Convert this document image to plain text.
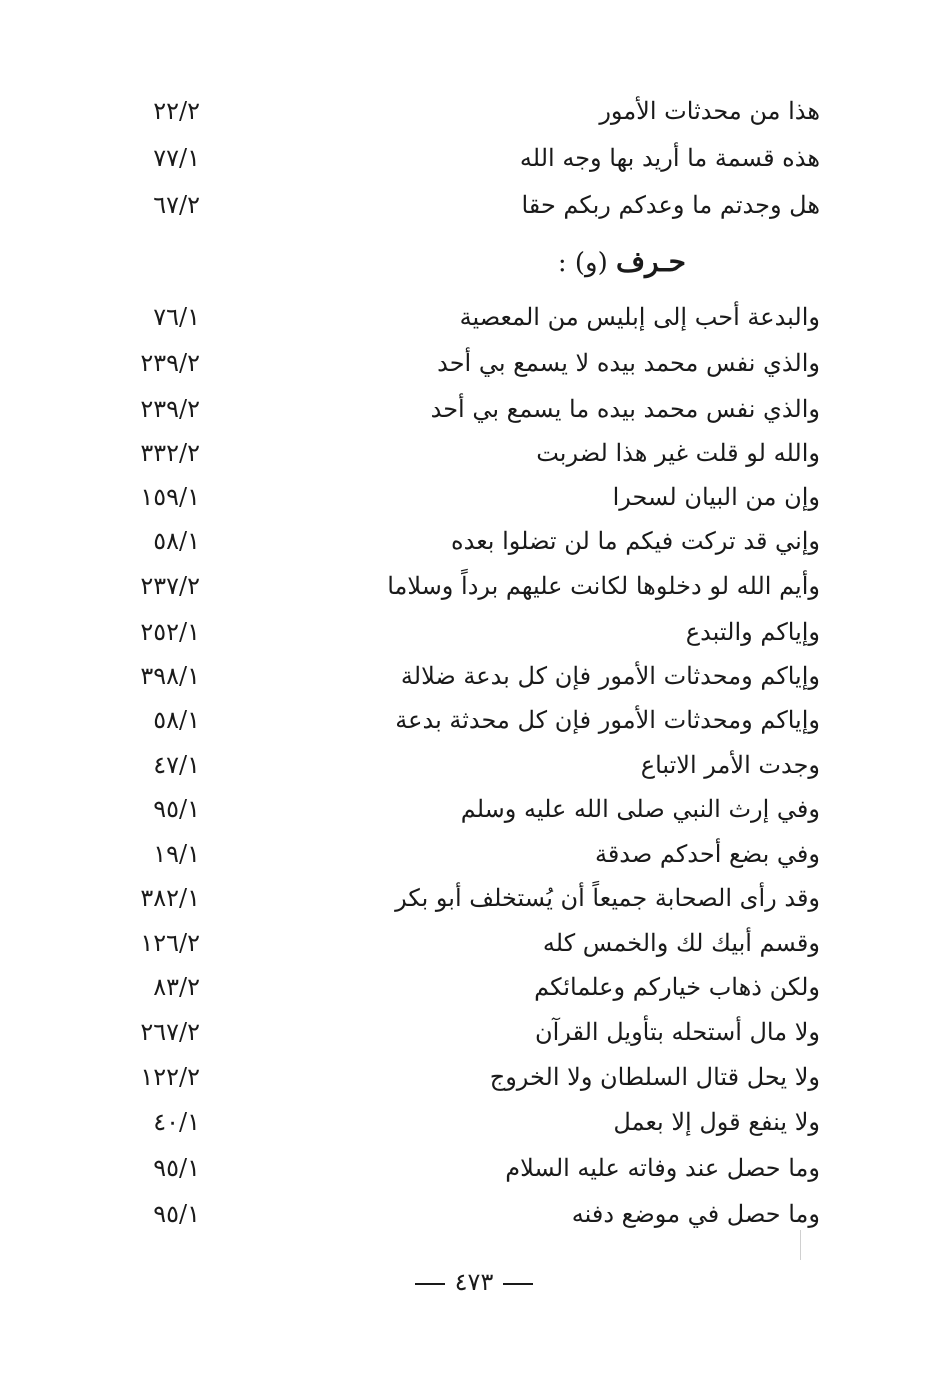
هذا من محدثات الأمور
٢٢/٢
هذه قسمة ما أريد بها وجه الله
٧٧/١
هل وجدتم ما وعدكم ربكم حقا
٦٧/٢
حـرف (و) :
والبدعة أحب إلى إبليس من المعصية
٧٦/١
والذي نفس محمد بيده لا يسمع بي أحد
٢٣٩/٢
والذي نفس محمد بيده ما يسمع بي أحد
٢٣٩/٢
والله لو قلت غير هذا لضربت
٣٣٢/٢
وإن من البيان لسحرا
١٥٩/١
وإني قد تركت فيكم ما لن تضلوا بعده
٥٨/١
وأيم الله لو دخلوها لكانت عليهم برداً وسلاما
٢٣٧/٢
وإياكم والتبدع
٢٥٢/١
وإياكم ومحدثات الأمور فإن كل بدعة ضلالة
٣٩٨/١
وإياكم ومحدثات الأمور فإن كل محدثة بدعة
٥٨/١
وجدت الأمر الاتباع
٤٧/١
وفي إرث النبي صلى الله عليه وسلم
٩٥/١
وفي بضع أحدكم صدقة
١٩/١
وقد رأى الصحابة جميعاً أن يُستخلف أبو بكر
٣٨٢/١
وقسم أبيك لك والخمس كله
١٢٦/٢
ولكن ذهاب خياركم وعلمائكم
٨٣/٢
ولا مال أستحله بتأويل القرآن
٢٦٧/٢
ولا يحل قتال السلطان ولا الخروج
١٢٢/٢
ولا ينفع قول إلا بعمل
٤٠/١
وما حصل عند وفاته عليه السلام
٩٥/١
وما حصل في موضع دفنه
٩٥/١
٤٧٣
